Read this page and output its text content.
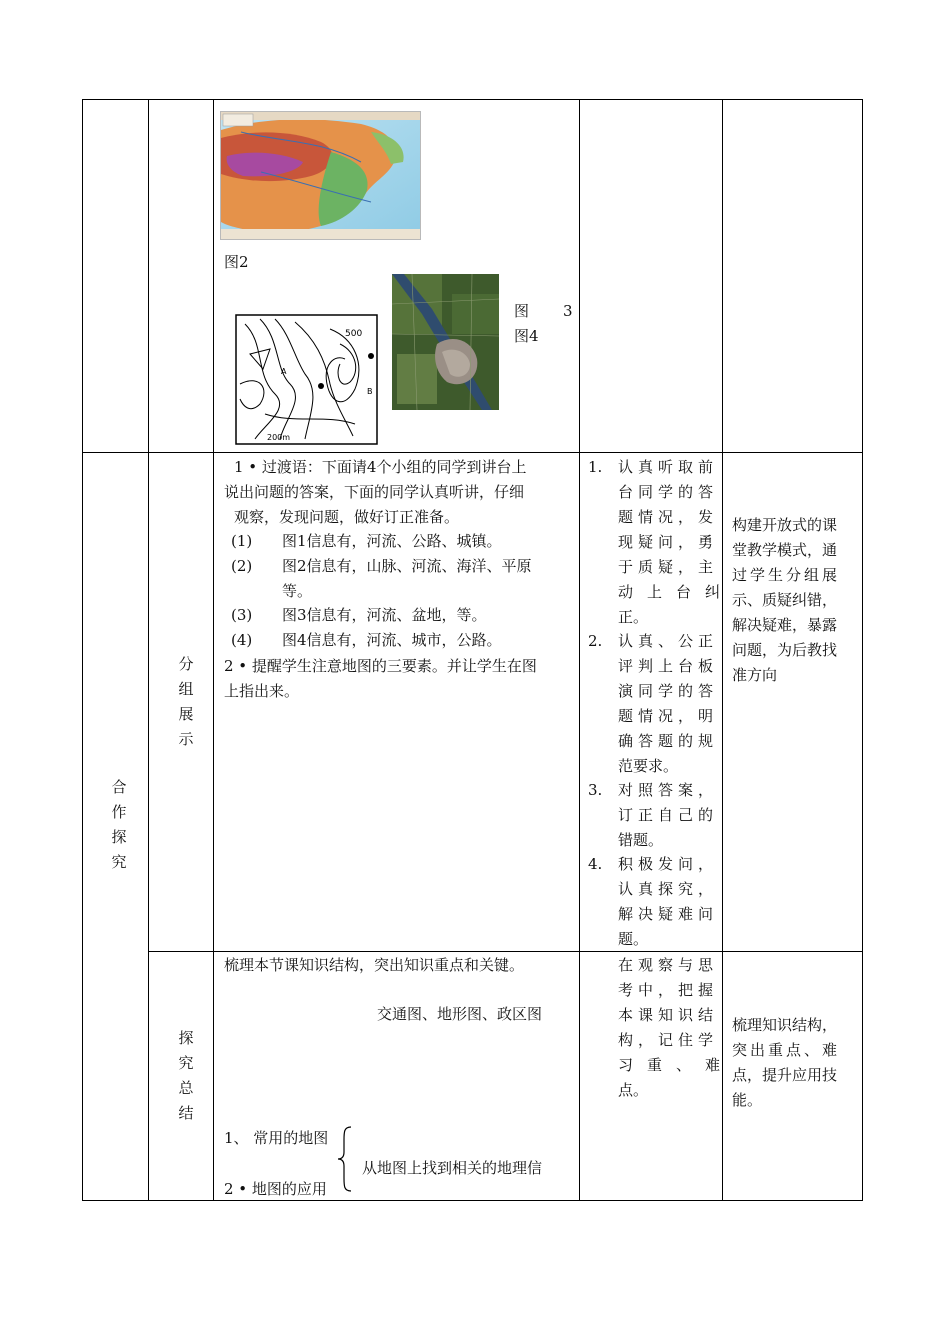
图2
500
200m
A
B
图 3
图4
合
作
探
究
分
组
展
示
1 • 过渡语：下面请4个小组的同学到讲台上
说出问题的答案，下面的同学认真听讲，仔细
观察，发现问题，做好订正准备。
(1) 图1信息有，河流、公路、城镇。
(2) 图2信息有，山脉、河流、海洋、平原
等。
(3) 图3信息有，河流、盆地，等。
(4) 图4信息有，河流、城市，公路。
2 • 提醒学生注意地图的三要素。并让学生在图
上指出来。
1. 认真听取前
台同学的答
题情况，发
现疑问，勇
于质疑，主
动上台纠
正。
2. 认真、公正
评判上台板
演同学的答
题情况，明
确答题的规
范要求。
3. 对照答案，
订正自己的
错题。
4. 积极发问，
认真探究，
解决疑难问
题。
构建开放式的课
堂教学模式，通
过学生分组展
示、质疑纠错，
解决疑难，暴露
问题，为后教找
准方向
探
究
总
结
梳理本节课知识结构，突出知识重点和关键。
交通图、地形图、政区图
1、 常用的地图
2 • 地图的应用
从地图上找到相关的地理信
在观察与思
考中，把握
本课知识结
构，记住学
习重、难
点。
梳理知识结构，
突出重点、难
点，提升应用技
能。
